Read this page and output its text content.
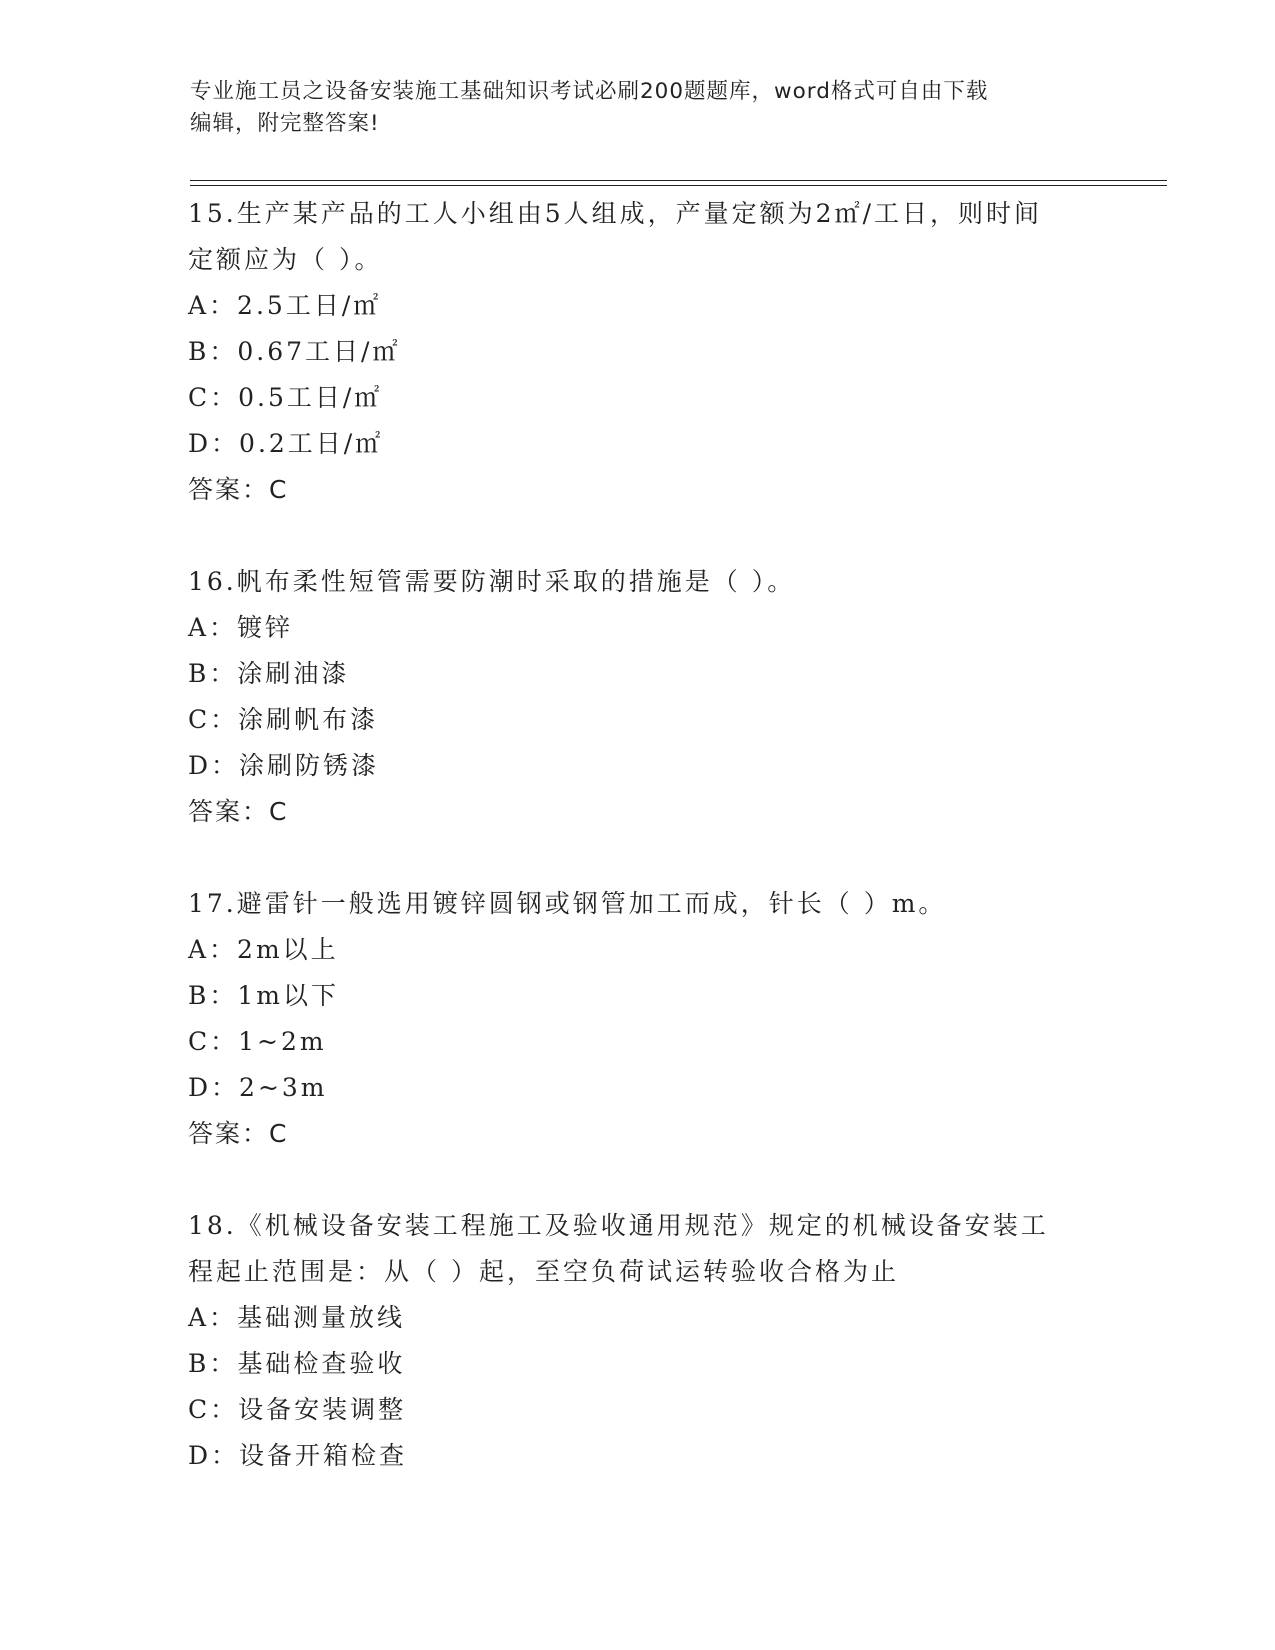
专业施工员之设备安装施工基础知识考试必刷200题题库，word格式可自由下载
编辑，附完整答案!

15.生产某产品的工人小组由5人组成，产量定额为2㎡/工日，则时间

定额应为（ ）。

A：2.5工日/㎡

B：0.67工日/㎡

C：0.5工日/㎡

D：0.2工日/㎡

答案：C

16.帆布柔性短管需要防潮时采取的措施是（ ）。

A：镀锌

B：涂刷油漆

C：涂刷帆布漆

D：涂刷防锈漆

答案：C

17.避雷针一般选用镀锌圆钢或钢管加工而成，针长（ ）m。

A：2m以上

B：1m以下

C：1~2m

D：2~3m

答案：C

18.《机械设备安装工程施工及验收通用规范》规定的机械设备安装工

程起止范围是：从（ ）起，至空负荷试运转验收合格为止

A：基础测量放线

B：基础检查验收

C：设备安装调整

D：设备开箱检查
